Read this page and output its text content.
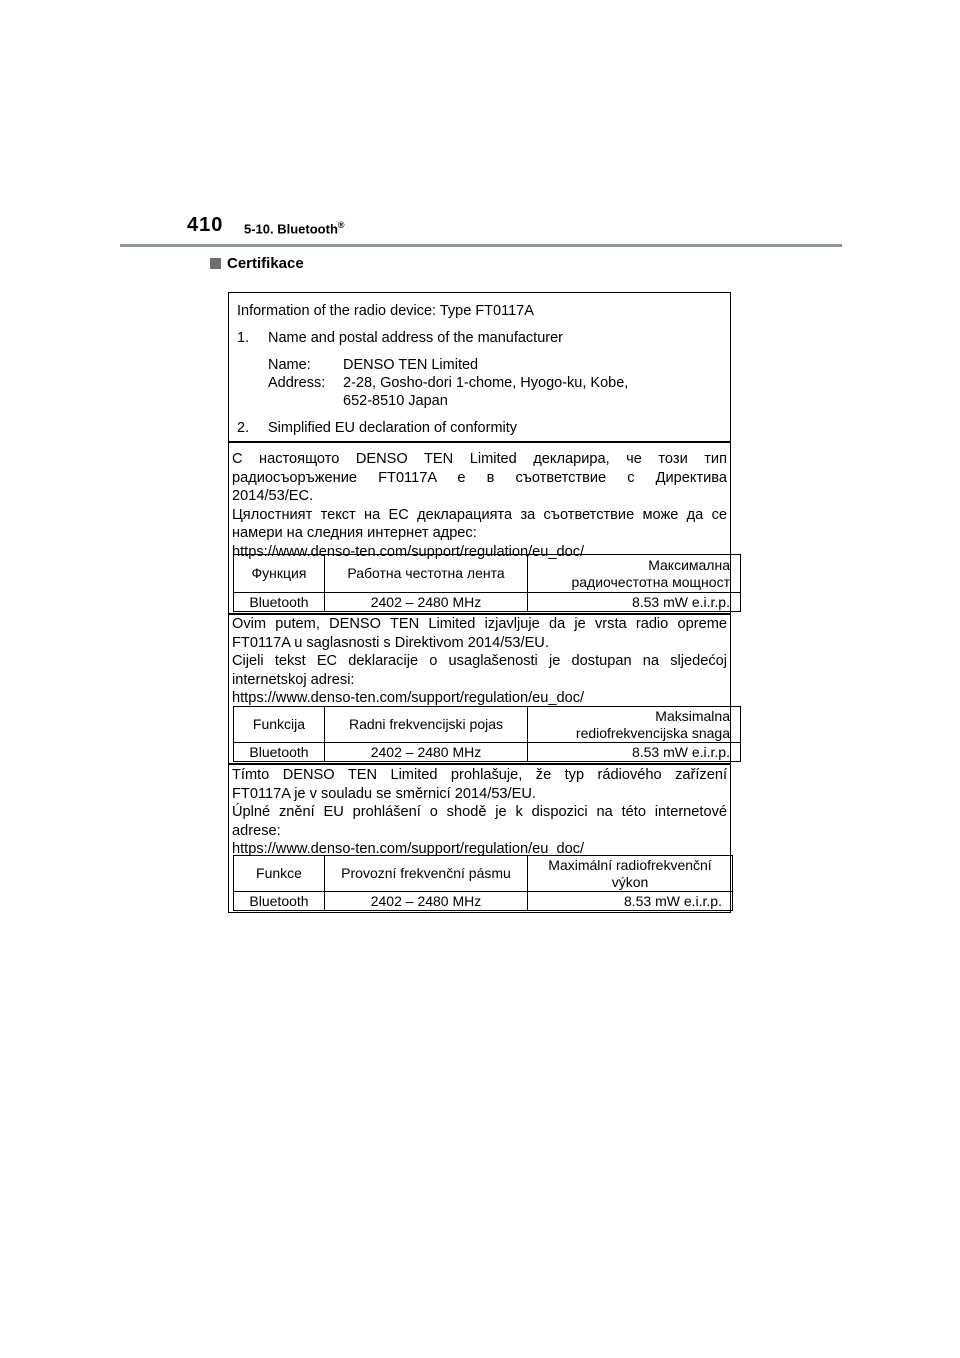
410 5-10. Bluetooth®
Certifikace
Information of the radio device: Type FT0117A
1. Name and postal address of the manufacturer
Name: DENSO TEN Limited
Address: 2-28, Gosho-dori 1-chome, Hyogo-ku, Kobe,
652-8510 Japan
2. Simplified EU declaration of conformity

С настоящото DENSO TEN Limited декларира, че този тип

радиосъоръжение FT0117A е в съответствие с Директива

2014/53/ЕС.

Цялостният текст на ЕС декларацията за съответствие може да се

намери на следния интернет адрес:

https://www.denso-ten.com/support/regulation/eu_doc/

Функция	Работна честотна лента	Максимална
радиочестотна мощност

Bluetooth	2402 – 2480 MHz	8.53 mW e.i.r.p.

Ovim putem, DENSO TEN Limited izjavljuje da je vrsta radio opreme

FT0117A u saglasnosti s Direktivom 2014/53/EU.

Cijeli tekst EC deklaracije o usaglašenosti je dostupan na sljedećoj

internetskoj adresi:

https://www.denso-ten.com/support/regulation/eu_doc/

Funkcija	Radni frekvencijski pojas	Maksimalna
rediofrekvencijska snaga

Bluetooth	2402 – 2480 MHz	8.53 mW e.i.r.p.

Tímto DENSO TEN Limited prohlašuje, že typ rádiového zařízení

FT0117A je v souladu se směrnicí 2014/53/EU.

Úplné znění EU prohlášení o shodě je k dispozici na této internetové

adrese:

https://www.denso-ten.com/support/regulation/eu_doc/

Funkce	Provozní frekvenční pásmu	Maximální radiofrekvenční
výkon

Bluetooth	2402 – 2480 MHz	8.53 mW e.i.r.p.
